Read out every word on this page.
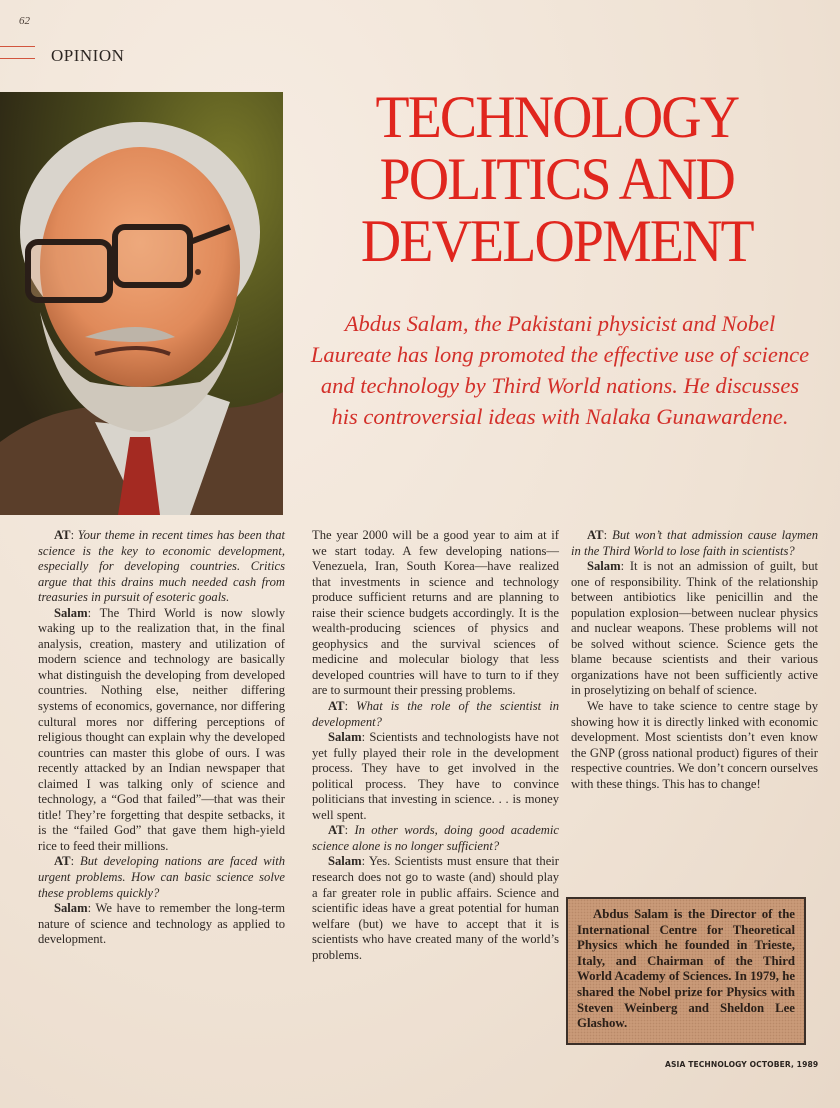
62
OPINION
TECHNOLOGY
POLITICS AND
DEVELOPMENT
Abdus Salam, the Pakistani physicist and Nobel Laureate has long promoted the effective use of science and technology by Third World nations. He discusses his controversial ideas with Nalaka Gunawardene.

AT: Your theme in recent times has been that science is the key to economic development, especially for developing countries. Critics argue that this drains much needed cash from treasuries in pursuit of esoteric goals.

Salam: The Third World is now slowly waking up to the realization that, in the final analysis, creation, mastery and utilization of modern science and technology are basically what distinguish the developing from developed countries. Nothing else, neither differing systems of economics, governance, nor differing cultural mores nor differing perceptions of religious thought can explain why the developed countries can master this globe of ours. I was recently attacked by an Indian newspaper that claimed I was talking only of science and technology, a “God that failed”—that was their title! They’re forgetting that despite setbacks, it is the “failed God” that gave them high-yield rice to feed their millions.

AT: But developing nations are faced with urgent problems. How can basic science solve these problems quickly?

Salam: We have to remember the long-term nature of science and technology as applied to development.

The year 2000 will be a good year to aim at if we start today. A few developing nations—Venezuela, Iran, South Korea—have realized that investments in science and technology produce sufficient returns and are planning to raise their science budgets accordingly. It is the wealth-producing sciences of physics and geophysics and the survival sciences of medicine and molecular biology that less developed countries will have to turn to if they are to surmount their pressing problems.

AT: What is the role of the scientist in development?

Salam: Scientists and technologists have not yet fully played their role in the development process. They have to get involved in the political process. They have to convince politicians that investing in science. . . is money well spent.

AT: In other words, doing good academic science alone is no longer sufficient?

Salam: Yes. Scientists must ensure that their research does not go to waste (and) should play a far greater role in public affairs. Science and scientific ideas have a great potential for human welfare (but) we have to accept that it is scientists who have created many of the world’s problems.

AT: But won’t that admission cause laymen in the Third World to lose faith in scientists?

Salam: It is not an admission of guilt, but one of responsibility. Think of the relationship between antibiotics like penicillin and the population explosion—between nuclear physics and nuclear weapons. These problems will not be solved without science. Science gets the blame because scientists and their various organizations have not been sufficiently active in proselytizing on behalf of science.

We have to take science to centre stage by showing how it is directly linked with economic development. Most scientists don’t even know the GNP (gross national product) figures of their respective countries. We don’t concern ourselves with these things. This has to change!

Abdus Salam is the Director of the International Centre for Theoretical Physics which he founded in Trieste, Italy, and Chairman of the Third World Academy of Sciences. In 1979, he shared the Nobel prize for Physics with Steven Weinberg and Sheldon Lee Glashow.
ASIA TECHNOLOGY OCTOBER, 1989
